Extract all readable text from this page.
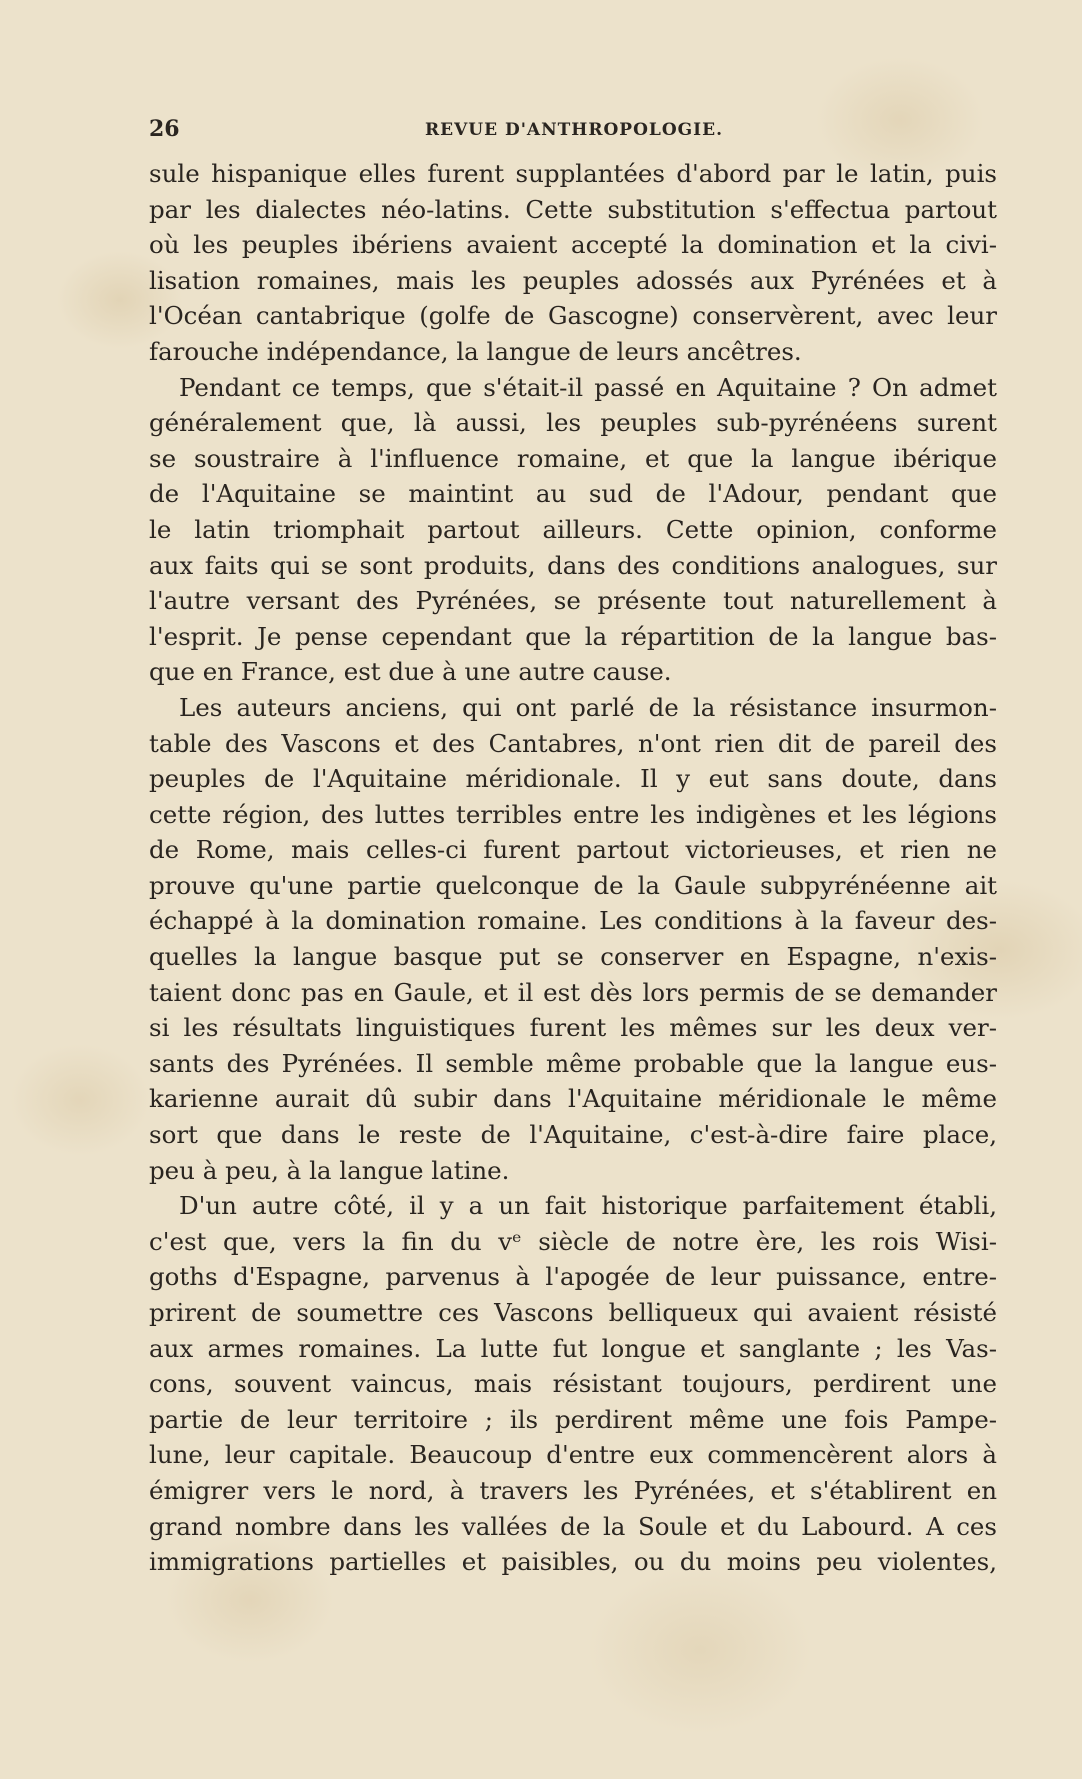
26	REVUE D'ANTHROPOLOGIE.
sule hispanique elles furent supplantées d'abord par le latin, puis
par les dialectes néo-latins. Cette substitution s'effectua partout
où les peuples ibériens avaient accepté la domination et la civi-
lisation romaines, mais les peuples adossés aux Pyrénées et à
l'Océan cantabrique (golfe de Gascogne) conservèrent, avec leur
farouche indépendance, la langue de leurs ancêtres.
Pendant ce temps, que s'était-il passé en Aquitaine ? On admet
généralement que, là aussi, les peuples sub-pyrénéens surent
se soustraire à l'influence romaine, et que la langue ibérique
de l'Aquitaine se maintint au sud de l'Adour, pendant que
le latin triomphait partout ailleurs. Cette opinion, conforme
aux faits qui se sont produits, dans des conditions analogues, sur
l'autre versant des Pyrénées, se présente tout naturellement à
l'esprit. Je pense cependant que la répartition de la langue bas-
que en France, est due à une autre cause.
Les auteurs anciens, qui ont parlé de la résistance insurmon-
table des Vascons et des Cantabres, n'ont rien dit de pareil des
peuples de l'Aquitaine méridionale. Il y eut sans doute, dans
cette région, des luttes terribles entre les indigènes et les légions
de Rome, mais celles-ci furent partout victorieuses, et rien ne
prouve qu'une partie quelconque de la Gaule subpyrénéenne ait
échappé à la domination romaine. Les conditions à la faveur des-
quelles la langue basque put se conserver en Espagne, n'exis-
taient donc pas en Gaule, et il est dès lors permis de se demander
si les résultats linguistiques furent les mêmes sur les deux ver-
sants des Pyrénées. Il semble même probable que la langue eus-
karienne aurait dû subir dans l'Aquitaine méridionale le même
sort que dans le reste de l'Aquitaine, c'est-à-dire faire place,
peu à peu, à la langue latine.
D'un autre côté, il y a un fait historique parfaitement établi,
c'est que, vers la fin du vᵉ siècle de notre ère, les rois Wisi-
goths d'Espagne, parvenus à l'apogée de leur puissance, entre-
prirent de soumettre ces Vascons belliqueux qui avaient résisté
aux armes romaines. La lutte fut longue et sanglante ; les Vas-
cons, souvent vaincus, mais résistant toujours, perdirent une
partie de leur territoire ; ils perdirent même une fois Pampe-
lune, leur capitale. Beaucoup d'entre eux commencèrent alors à
émigrer vers le nord, à travers les Pyrénées, et s'établirent en
grand nombre dans les vallées de la Soule et du Labourd. A ces
immigrations partielles et paisibles, ou du moins peu violentes,
